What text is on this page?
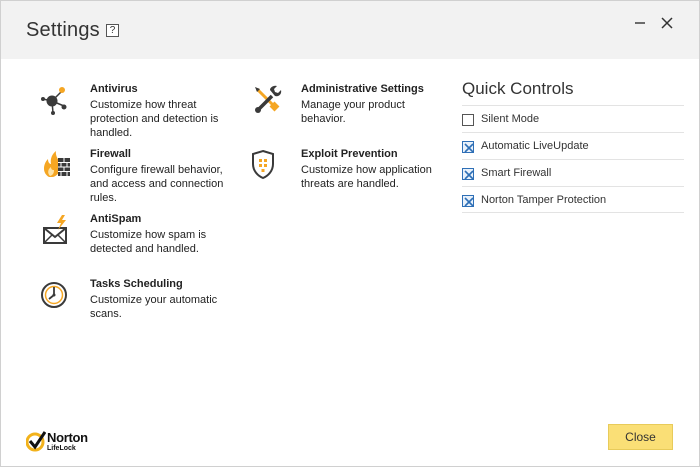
Settings ?
Antivirus
Customize how threat protection and detection is handled.
Firewall
Configure firewall behavior, and access and connection rules.
AntiSpam
Customize how spam is detected and handled.
Tasks Scheduling
Customize your automatic scans.
Administrative Settings
Manage your product behavior.
Exploit Prevention
Customize how application threats are handled.
Quick Controls
Silent Mode
Automatic LiveUpdate
Smart Firewall
Norton Tamper Protection
Norton
LifeLock
Close
